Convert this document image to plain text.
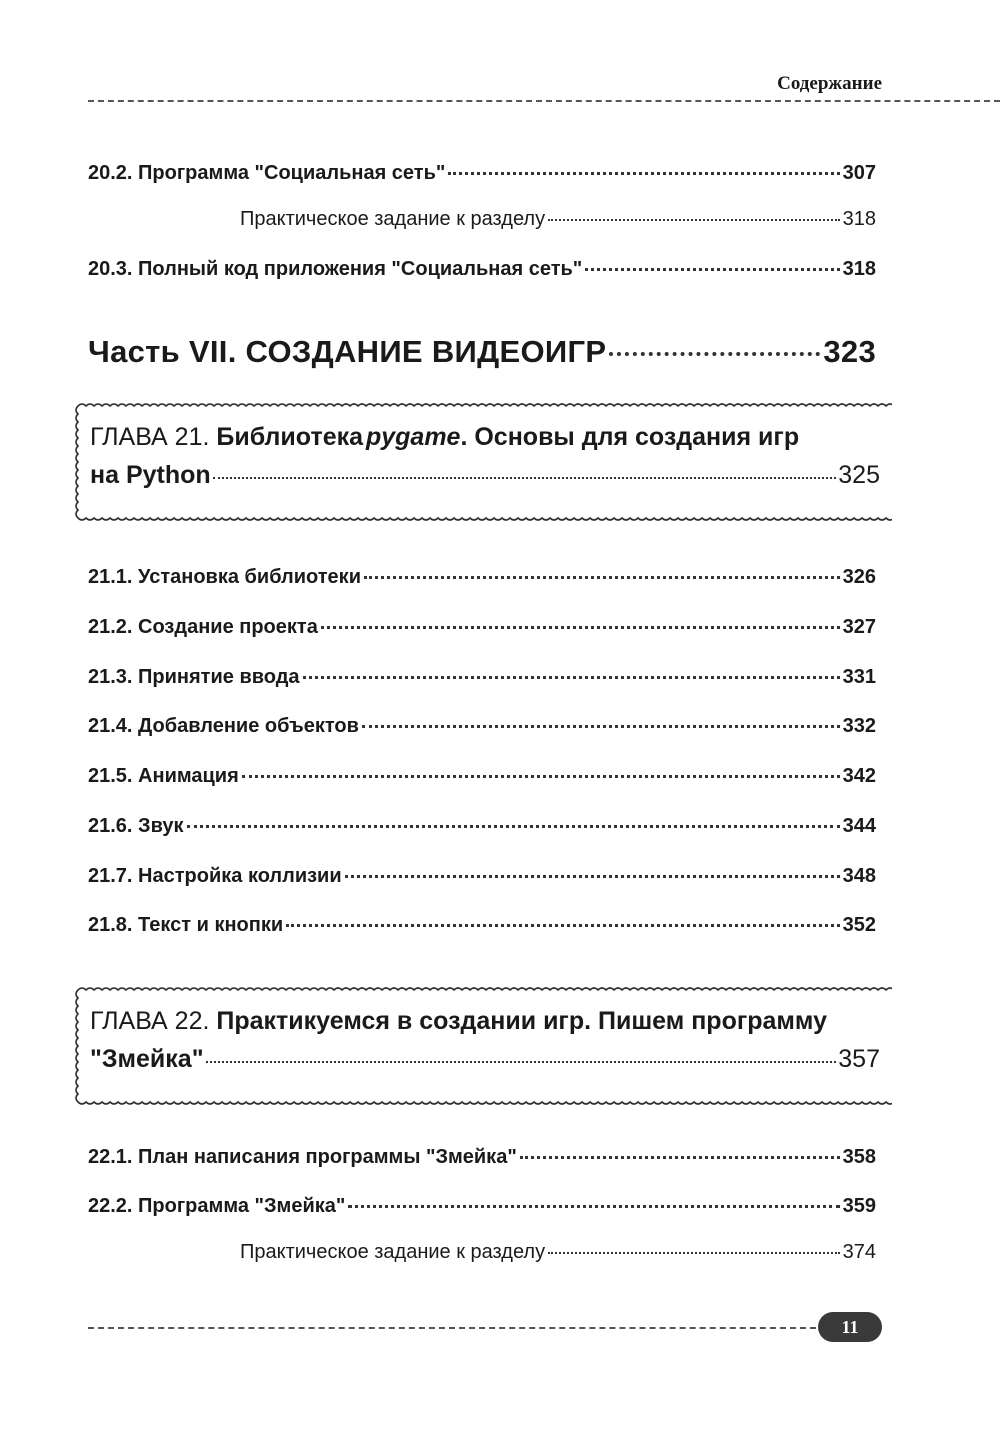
Содержание
20.2. Программа "Социальная сеть"	307
Практическое задание к разделу	318
20.3. Полный код приложения "Социальная сеть"	318
Часть VII. СОЗДАНИЕ ВИДЕОИГР	323
ГЛАВА 21. Библиотека pygame. Основы для создания игр
на Python	325
21.1. Установка библиотеки	326
21.2. Создание проекта	327
21.3. Принятие ввода	331
21.4. Добавление объектов	332
21.5. Анимация	342
21.6. Звук	344
21.7. Настройка коллизии	348
21.8. Текст и кнопки	352
ГЛАВА 22. Практикуемся в создании игр. Пишем программу
"Змейка"	357
22.1. План написания программы "Змейка"	358
22.2. Программа "Змейка"	359
Практическое задание к разделу	374
11
